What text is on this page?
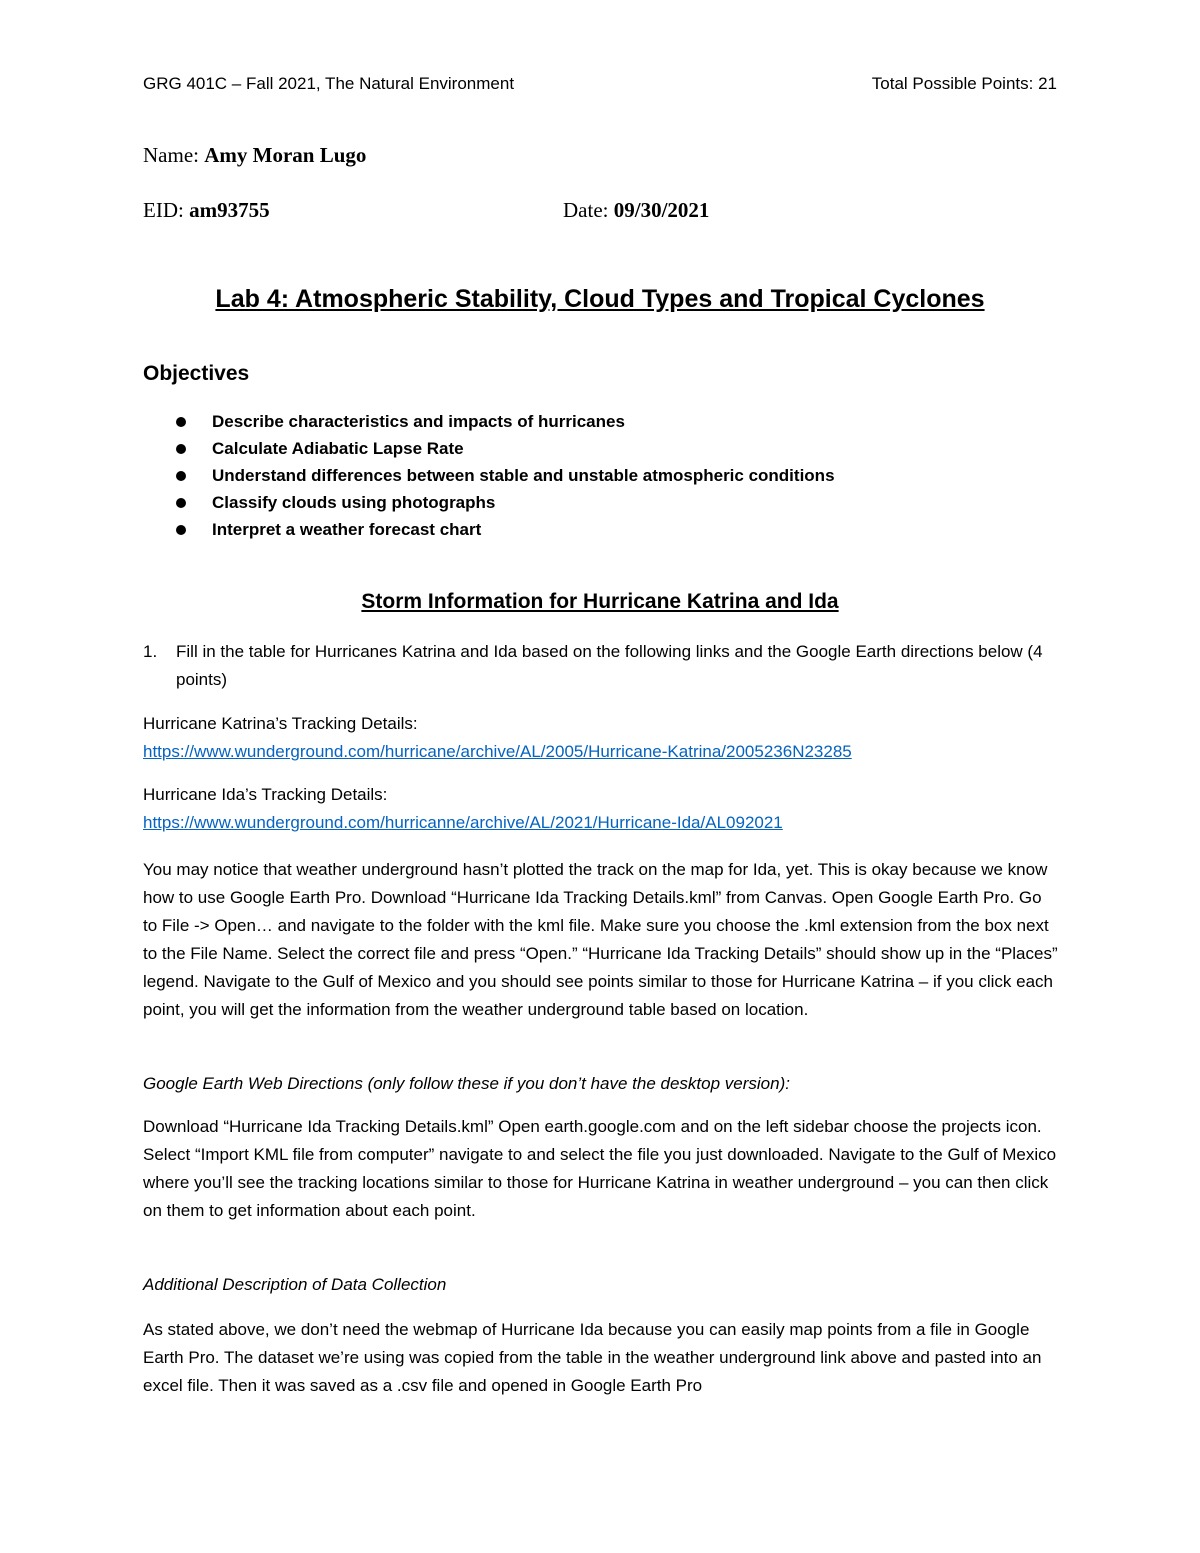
GRG 401C – Fall 2021, The Natural Environment	Total Possible Points: 21
Name: Amy Moran Lugo
EID: am93755	Date: 09/30/2021
Lab 4: Atmospheric Stability, Cloud Types and Tropical Cyclones
Objectives
Describe characteristics and impacts of hurricanes
Calculate Adiabatic Lapse Rate
Understand differences between stable and unstable atmospheric conditions
Classify clouds using photographs
Interpret a weather forecast chart
Storm Information for Hurricane Katrina and Ida
1.	Fill in the table for Hurricanes Katrina and Ida based on the following links and the Google Earth directions below (4 points)
Hurricane Katrina’s Tracking Details:
https://www.wunderground.com/hurricane/archive/AL/2005/Hurricane-Katrina/2005236N23285
Hurricane Ida’s Tracking Details:
https://www.wunderground.com/hurricanne/archive/AL/2021/Hurricane-Ida/AL092021
You may notice that weather underground hasn’t plotted the track on the map for Ida, yet. This is okay because we know how to use Google Earth Pro. Download “Hurricane Ida Tracking Details.kml” from Canvas. Open Google Earth Pro. Go to File -> Open… and navigate to the folder with the kml file. Make sure you choose the .kml extension from the box next to the File Name. Select the correct file and press “Open.” “Hurricane Ida Tracking Details” should show up in the “Places” legend. Navigate to the Gulf of Mexico and you should see points similar to those for Hurricane Katrina – if you click each point, you will get the information from the weather underground table based on location.
Google Earth Web Directions (only follow these if you don’t have the desktop version):
Download “Hurricane Ida Tracking Details.kml” Open earth.google.com and on the left sidebar choose the projects icon. Select “Import KML file from computer” navigate to and select the file you just downloaded. Navigate to the Gulf of Mexico where you’ll see the tracking locations similar to those for Hurricane Katrina in weather underground – you can then click on them to get information about each point.
Additional Description of Data Collection
As stated above, we don’t need the webmap of Hurricane Ida because you can easily map points from a file in Google Earth Pro. The dataset we’re using was copied from the table in the weather underground link above and pasted into an excel file. Then it was saved as a .csv file and opened in Google Earth Pro
